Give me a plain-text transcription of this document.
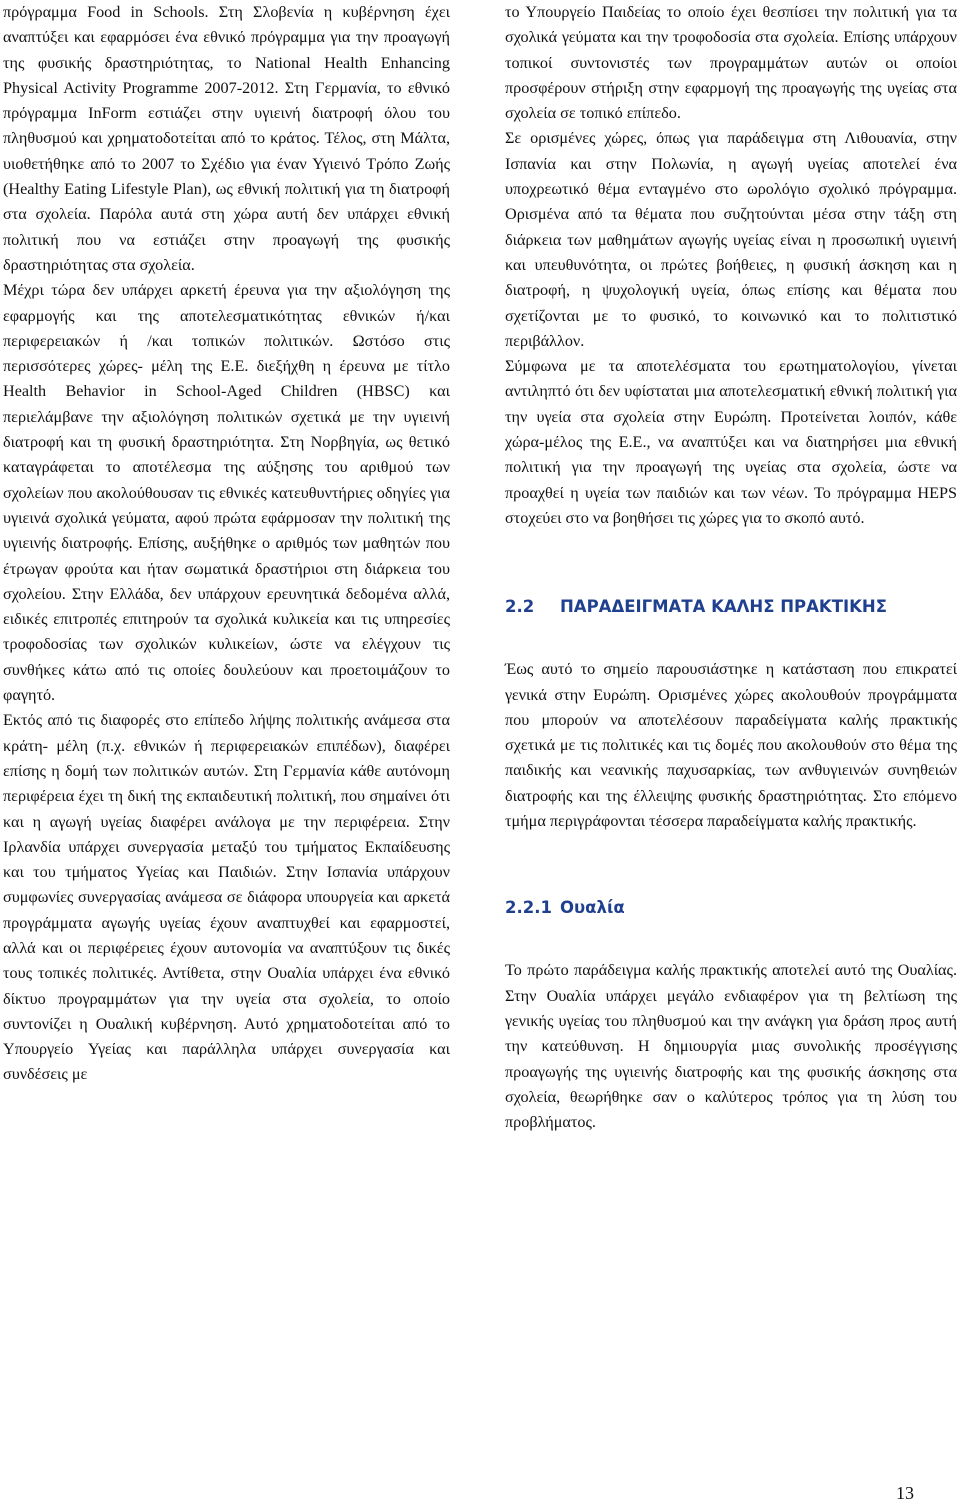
πρόγραμμα Food in Schools. Στη Σλοβενία η κυβέρνηση έχει αναπτύξει και εφαρμόσει ένα εθνικό πρόγραμμα για την προαγωγή της φυσικής δραστηριότητας, το National Health Enhancing Physical Activity Programme 2007-2012. Στη Γερμανία, το εθνικό πρόγραμμα InForm εστιάζει στην υγιεινή διατροφή όλου του πληθυσμού και χρηματοδοτείται από το κράτος. Τέλος, στη Μάλτα, υιοθετήθηκε από το 2007 το Σχέδιο για έναν Υγιεινό Τρόπο Ζωής (Healthy Eating Lifestyle Plan), ως εθνική πολιτική για τη διατροφή στα σχολεία. Παρόλα αυτά στη χώρα αυτή δεν υπάρχει εθνική πολιτική που να εστιάζει στην προαγωγή της φυσικής δραστηριότητας στα σχολεία.

Μέχρι τώρα δεν υπάρχει αρκετή έρευνα για την αξιολόγηση της εφαρμογής και της αποτελεσματικότητας εθνικών ή/και περιφερειακών ή /και τοπικών πολιτικών. Ωστόσο στις περισσότερες χώρες- μέλη της Ε.Ε. διεξήχθη η έρευνα με τίτλο Health Behavior in School-Aged Children (HBSC) και περιελάμβανε την αξιολόγηση πολιτικών σχετικά με την υγιεινή διατροφή και τη φυσική δραστηριότητα. Στη Νορβηγία, ως θετικό καταγράφεται το αποτέλεσμα της αύξησης του αριθμού των σχολείων που ακολούθουσαν τις εθνικές κατευθυντήριες οδηγίες για υγιεινά σχολικά γεύματα, αφού πρώτα εφάρμοσαν την πολιτική της υγιεινής διατροφής. Επίσης, αυξήθηκε ο αριθμός των μαθητών που έτρωγαν φρούτα και ήταν σωματικά δραστήριοι στη διάρκεια του σχολείου. Στην Ελλάδα, δεν υπάρχουν ερευνητικά δεδομένα αλλά, ειδικές επιτροπές επιτηρούν τα σχολικά κυλικεία και τις υπηρεσίες τροφοδοσίας των σχολικών κυλικείων, ώστε να ελέγχουν τις συνθήκες κάτω από τις οποίες δουλεύουν και προετοιμάζουν το φαγητό.

Εκτός από τις διαφορές στο επίπεδο λήψης πολιτικής ανάμεσα στα κράτη- μέλη (π.χ. εθνικών ή περιφερειακών επιπέδων), διαφέρει επίσης η δομή των πολιτικών αυτών. Στη Γερμανία κάθε αυτόνομη περιφέρεια έχει τη δική της εκπαιδευτική πολιτική, που σημαίνει ότι και η αγωγή υγείας διαφέρει ανάλογα με την περιφέρεια. Στην Ιρλανδία υπάρχει συνεργασία μεταξύ του τμήματος Εκπαίδευσης και του τμήματος Υγείας και Παιδιών. Στην Ισπανία υπάρχουν συμφωνίες συνεργασίας ανάμεσα σε διάφορα υπουργεία και αρκετά προγράμματα αγωγής υγείας έχουν αναπτυχθεί και εφαρμοστεί, αλλά και οι περιφέρειες έχουν αυτονομία να αναπτύξουν τις δικές τους τοπικές πολιτικές. Αντίθετα, στην Ουαλία υπάρχει ένα εθνικό δίκτυο προγραμμάτων για την υγεία στα σχολεία, το οποίο συντονίζει η Ουαλική κυβέρνηση. Αυτό χρηματοδοτείται από το Υπουργείο Υγείας και παράλληλα υπάρχει συνεργασία και συνδέσεις με

το Υπουργείο Παιδείας το οποίο έχει θεσπίσει την πολιτική για τα σχολικά γεύματα και την τροφοδοσία στα σχολεία. Επίσης υπάρχουν τοπικοί συντονιστές των προγραμμάτων αυτών οι οποίοι προσφέρουν στήριξη στην εφαρμογή της προαγωγής της υγείας στα σχολεία σε τοπικό επίπεδο.

Σε ορισμένες χώρες, όπως για παράδειγμα στη Λιθουανία, στην Ισπανία και στην Πολωνία, η αγωγή υγείας αποτελεί ένα υποχρεωτικό θέμα ενταγμένο στο ωρολόγιο σχολικό πρόγραμμα. Ορισμένα από τα θέματα που συζητούνται μέσα στην τάξη στη διάρκεια των μαθημάτων αγωγής υγείας είναι η προσωπική υγιεινή και υπευθυνότητα, οι πρώτες βοήθειες, η φυσική άσκηση και η διατροφή, η ψυχολογική υγεία, όπως επίσης και θέματα που σχετίζονται με το φυσικό, το κοινωνικό και το πολιτιστικό περιβάλλον.

Σύμφωνα με τα αποτελέσματα του ερωτηματολογίου, γίνεται αντιληπτό ότι δεν υφίσταται μια αποτελεσματική εθνική πολιτική για την υγεία στα σχολεία στην Ευρώπη. Προτείνεται λοιπόν, κάθε χώρα-μέλος της Ε.Ε., να αναπτύξει και να διατηρήσει μια εθνική πολιτική για την προαγωγή της υγείας στα σχολεία, ώστε να προαχθεί η υγεία των παιδιών και των νέων. Το πρόγραμμα HEPS στοχεύει στο να βοηθήσει τις χώρες για το σκοπό αυτό.

2.2	ΠΑΡΑΔΕΙΓΜΑΤΑ ΚΑΛΗΣ ΠΡΑΚΤΙΚΗΣ

Έως αυτό το σημείο παρουσιάστηκε η κατάσταση που επικρατεί γενικά στην Ευρώπη. Ορισμένες χώρες ακολουθούν προγράμματα που μπορούν να αποτελέσουν παραδείγματα καλής πρακτικής σχετικά με τις πολιτικές και τις δομές που ακολουθούν στο θέμα της παιδικής και νεανικής παχυσαρκίας, των ανθυγιεινών συνηθειών διατροφής και της έλλειψης φυσικής δραστηριότητας. Στο επόμενο τμήμα περιγράφονται τέσσερα παραδείγματα καλής πρακτικής.

2.2.1 Ουαλία

Το πρώτο παράδειγμα καλής πρακτικής αποτελεί αυτό της Ουαλίας. Στην Ουαλία υπάρχει μεγάλο ενδιαφέρον για τη βελτίωση της γενικής υγείας του πληθυσμού και την ανάγκη για δράση προς αυτή την κατεύθυνση. Η δημιουργία μιας συνολικής προσέγγισης προαγωγής της υγιεινής διατροφής και της φυσικής άσκησης στα σχολεία, θεωρήθηκε σαν ο καλύτερος τρόπος για τη λύση του προβλήματος.

13
